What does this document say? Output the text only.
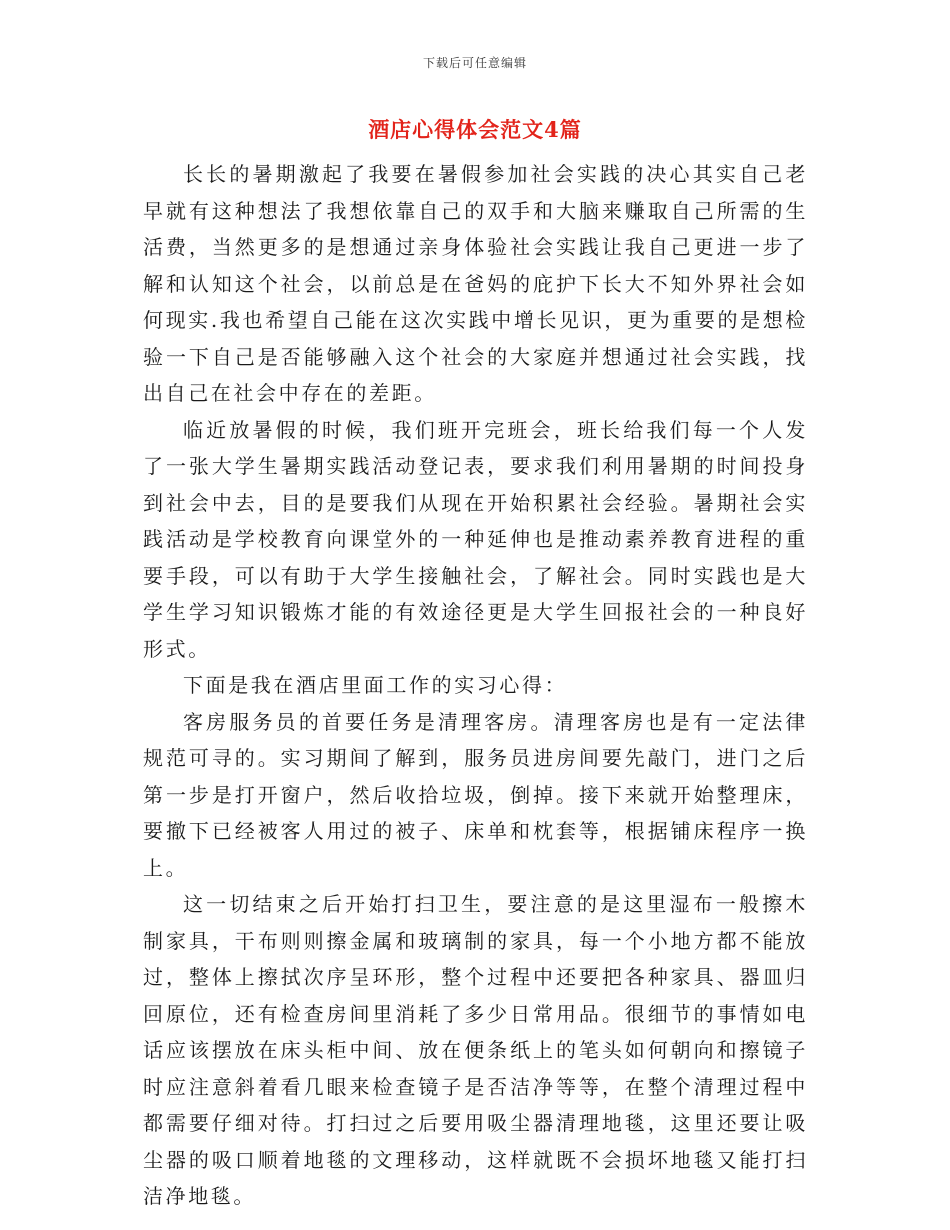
下载后可任意编辑
酒店心得体会范文4篇

长长的暑期激起了我要在暑假参加社会实践的决心其实自己老早就有这种想法了我想依靠自己的双手和大脑来赚取自己所需的生活费，当然更多的是想通过亲身体验社会实践让我自己更进一步了解和认知这个社会，以前总是在爸妈的庇护下长大不知外界社会如何现实.我也希望自己能在这次实践中增长见识，更为重要的是想检验一下自己是否能够融入这个社会的大家庭并想通过社会实践，找出自己在社会中存在的差距。

临近放暑假的时候，我们班开完班会，班长给我们每一个人发了一张大学生暑期实践活动登记表，要求我们利用暑期的时间投身到社会中去，目的是要我们从现在开始积累社会经验。暑期社会实践活动是学校教育向课堂外的一种延伸也是推动素养教育进程的重要手段，可以有助于大学生接触社会，了解社会。同时实践也是大学生学习知识锻炼才能的有效途径更是大学生回报社会的一种良好形式。

下面是我在酒店里面工作的实习心得：

客房服务员的首要任务是清理客房。清理客房也是有一定法律规范可寻的。实习期间了解到，服务员进房间要先敲门，进门之后第一步是打开窗户，然后收拾垃圾，倒掉。接下来就开始整理床，要撤下已经被客人用过的被子、床单和枕套等，根据铺床程序一换上。

这一切结束之后开始打扫卫生，要注意的是这里湿布一般擦木制家具，干布则则擦金属和玻璃制的家具，每一个小地方都不能放过，整体上擦拭次序呈环形，整个过程中还要把各种家具、器皿归回原位，还有检查房间里消耗了多少日常用品。很细节的事情如电话应该摆放在床头柜中间、放在便条纸上的笔头如何朝向和擦镜子时应注意斜着看几眼来检查镜子是否洁净等等，在整个清理过程中都需要仔细对待。打扫过之后要用吸尘器清理地毯，这里还要让吸尘器的吸口顺着地毯的文理移动，这样就既不会损坏地毯又能打扫洁净地毯。
